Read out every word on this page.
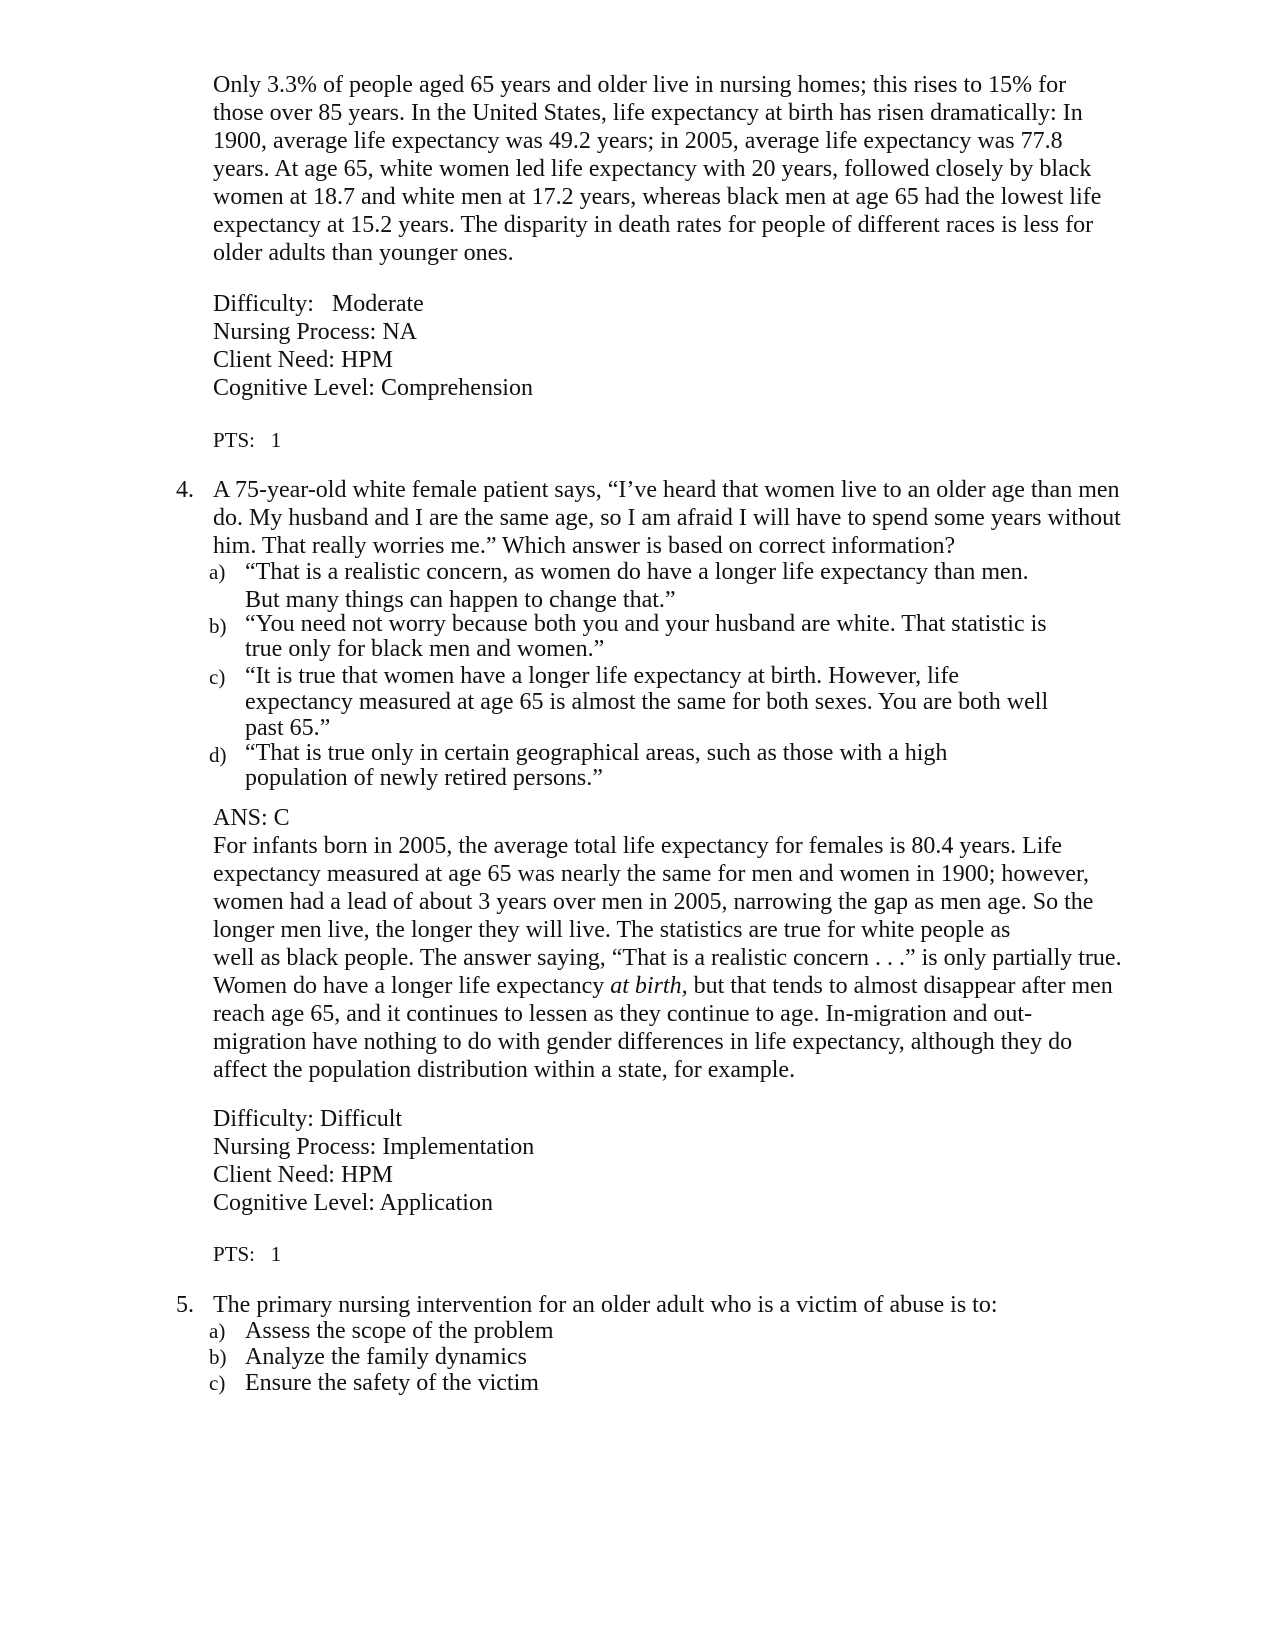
Only 3.3% of people aged 65 years and older live in nursing homes; this rises to 15% for
those over 85 years. In the United States, life expectancy at birth has risen dramatically: In
1900, average life expectancy was 49.2 years; in 2005, average life expectancy was 77.8
years. At age 65, white women led life expectancy with 20 years, followed closely by black
women at 18.7 and white men at 17.2 years, whereas black men at age 65 had the lowest life
expectancy at 15.2 years. The disparity in death rates for people of different races is less for
older adults than younger ones.
Difficulty:   Moderate
Nursing Process: NA
Client Need: HPM
Cognitive Level: Comprehension
PTS:   1
4. A 75-year-old white female patient says, “I’ve heard that women live to an older age than men
do. My husband and I are the same age, so I am afraid I will have to spend some years without
him. That really worries me.” Which answer is based on correct information?
a) “That is a realistic concern, as women do have a longer life expectancy than men.
But many things can happen to change that.”
b) “You need not worry because both you and your husband are white. That statistic is
true only for black men and women.”
c) “It is true that women have a longer life expectancy at birth. However, life
expectancy measured at age 65 is almost the same for both sexes. You are both well
past 65.”
d) “That is true only in certain geographical areas, such as those with a high
population of newly retired persons.”
ANS: C
For infants born in 2005, the average total life expectancy for females is 80.4 years. Life
expectancy measured at age 65 was nearly the same for men and women in 1900; however,
women had a lead of about 3 years over men in 2005, narrowing the gap as men age. So the
longer men live, the longer they will live. The statistics are true for white people as
well as black people. The answer saying, “That is a realistic concern . . .” is only partially true.
Women do have a longer life expectancy at birth, but that tends to almost disappear after men
reach age 65, and it continues to lessen as they continue to age. In-migration and out-
migration have nothing to do with gender differences in life expectancy, although they do
affect the population distribution within a state, for example.
Difficulty: Difficult
Nursing Process: Implementation
Client Need: HPM
Cognitive Level: Application
PTS:   1
5. The primary nursing intervention for an older adult who is a victim of abuse is to:
a) Assess the scope of the problem
b) Analyze the family dynamics
c) Ensure the safety of the victim
